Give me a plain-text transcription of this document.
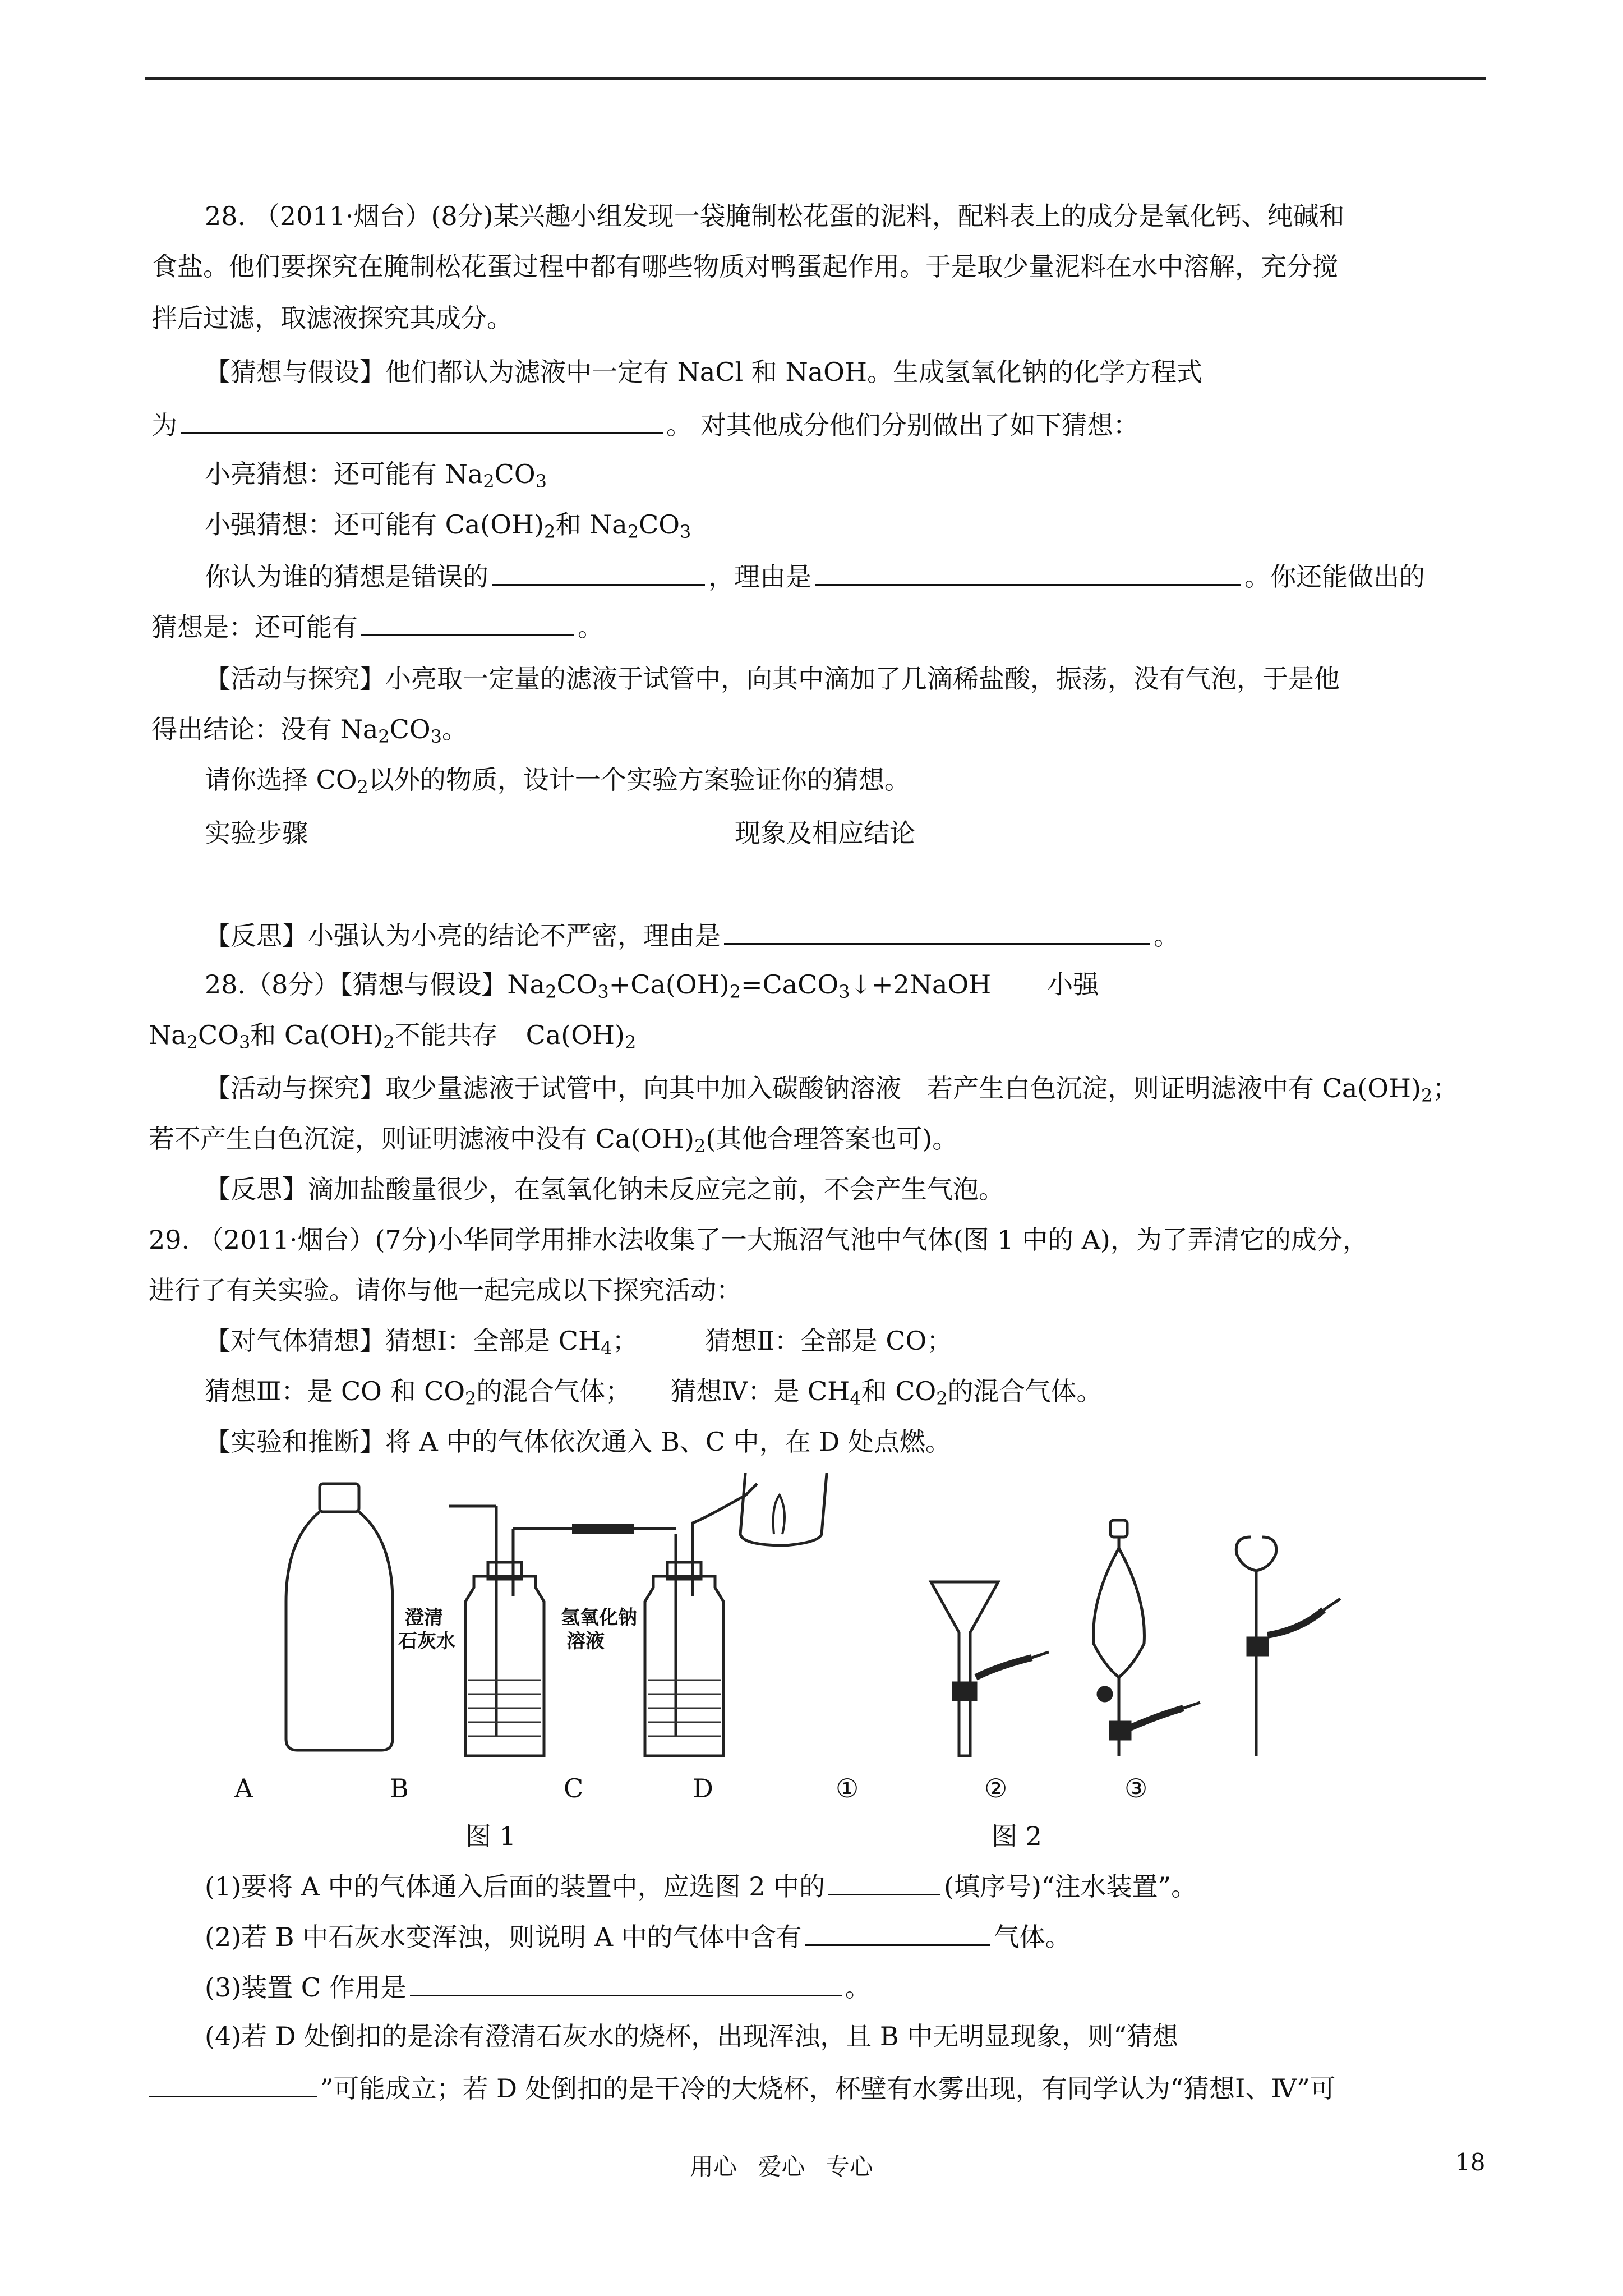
28. （2011·烟台）(8分)某兴趣小组发现一袋腌制松花蛋的泥料，配料表上的成分是氧化钙、纯碱和
食盐。他们要探究在腌制松花蛋过程中都有哪些物质对鸭蛋起作用。于是取少量泥料在水中溶解，充分搅
拌后过滤，取滤液探究其成分。
【猜想与假设】他们都认为滤液中一定有 NaCl 和 NaOH。生成氢氧化钠的化学方程式
为	。 对其他成分他们分别做出了如下猜想：
小亮猜想：还可能有 $Na_2CO_3$
小强猜想：还可能有 $Ca(OH)_2$和 $Na_2CO_3$
你认为谁的猜想是错误的	，理由是	。你还能做出的
猜想是：还可能有	。
【活动与探究】小亮取一定量的滤液于试管中，向其中滴加了几滴稀盐酸，振荡，没有气泡，于是他
得出结论：没有 $Na_2CO_3$。
请你选择 $CO_2$以外的物质，设计一个实验方案验证你的猜想。
实验步骤	现象及相应结论
【反思】小强认为小亮的结论不严密，理由是	。
28.（8分）【猜想与假设】$Na_2CO_3+Ca(OH)_2=CaCO_3↓+2NaOH$ 小强
$Na_2CO_3$和 $Ca(OH)_2$不能共存 $Ca(OH)_2$
【活动与探究】取少量滤液于试管中，向其中加入碳酸钠溶液　若产生白色沉淀，则证明滤液中有 $Ca(OH)_2$；
若不产生白色沉淀，则证明滤液中没有 $Ca(OH)_2$(其他合理答案也可)。
【反思】滴加盐酸量很少，在氢氧化钠未反应完之前，不会产生气泡。
29. （2011·烟台）(7分)小华同学用排水法收集了一大瓶沼气池中气体(图 1 中的 A)，为了弄清它的成分，
进行了有关实验。请你与他一起完成以下探究活动：
【对气体猜想】猜想Ⅰ：全部是 $CH_4$；	猜想Ⅱ：全部是 CO；
猜想Ⅲ：是 CO 和 $CO_2$的混合气体； 猜想Ⅳ：是 $CH_4$和 $CO_2$的混合气体。
【实验和推断】将 A 中的气体依次通入 B、C 中，在 D 处点燃。
澄清
石灰水
氢氧化钠
溶液
A	B	C	D	①	②	③
图 1	图 2
(1)要将 A 中的气体通入后面的装置中，应选图 2 中的	(填序号)“注水装置”。
(2)若 B 中石灰水变浑浊，则说明 A 中的气体中含有	气体。
(3)装置 C 作用是	。
(4)若 D 处倒扣的是涂有澄清石灰水的烧杯，出现浑浊，且 B 中无明显现象，则“猜想
”可能成立；若 D 处倒扣的是干冷的大烧杯，杯壁有水雾出现，有同学认为“猜想Ⅰ、Ⅳ”可
用心 爱心 专心	18
